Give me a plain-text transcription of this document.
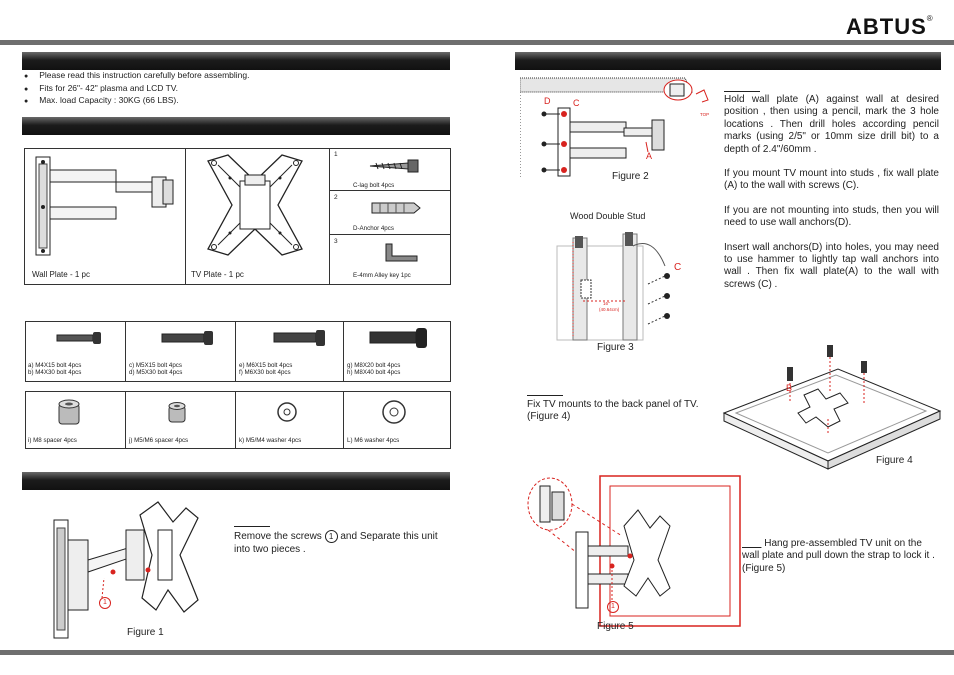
ABTUS®
● Please read this instruction carefully before assembling.
● Fits for 26"- 42" plasma and LCD TV.
● Max. load Capacity : 30KG (66 LBS).
Wall Plate - 1 pc	TV Plate - 1 pc
1
C-lag bolt 4pcs
2
D-Anchor 4pcs
3
E-4mm Alley key 1pc
a) M4X15 bolt 4pcs
b) M4X30 bolt 4pcs
c) M5X15 bolt 4pcs
d) M5X30 bolt 4pcs
e) M6X15 bolt 4pcs
f) M6X30 bolt 4pcs
g) M8X20 bolt 4pcs
h) M8X40 bolt 4pcs
i) M8 spacer 4pcs	j) M5/M6 spacer 4pcs	k) M5/M4 washer 4pcs	L) M6 washer 4pcs
1
Figure 1
Remove the screws 1 and Separate this unit into two pieces .
D	C
A
TOP
Figure 2
Hold wall plate (A) against wall at desired position , then using a pencil, mark the 3 hole locations . Then drill holes according pencil marks (using 2/5" or 10mm size drill bit) to a depth of 2.4"/60mm .
If you mount TV mount into studs , fix wall plate (A) to the wall with screws (C).
If you are not mounting into studs, then you will need to use wall anchors(D).
Insert wall anchors(D) into holes, you may need to use hammer to lightly tap wall anchors into wall . Then fix wall plate(A) to the wall with screws (C) .
Wood Double Stud
C
16"
(40.64cm)
Figure 3
Fix TV mounts to the back panel of TV. (Figure 4)
B
Figure 4
1
Figure 5
Hang pre-assembled TV unit on the wall plate and pull down the strap to lock it . (Figure 5)
